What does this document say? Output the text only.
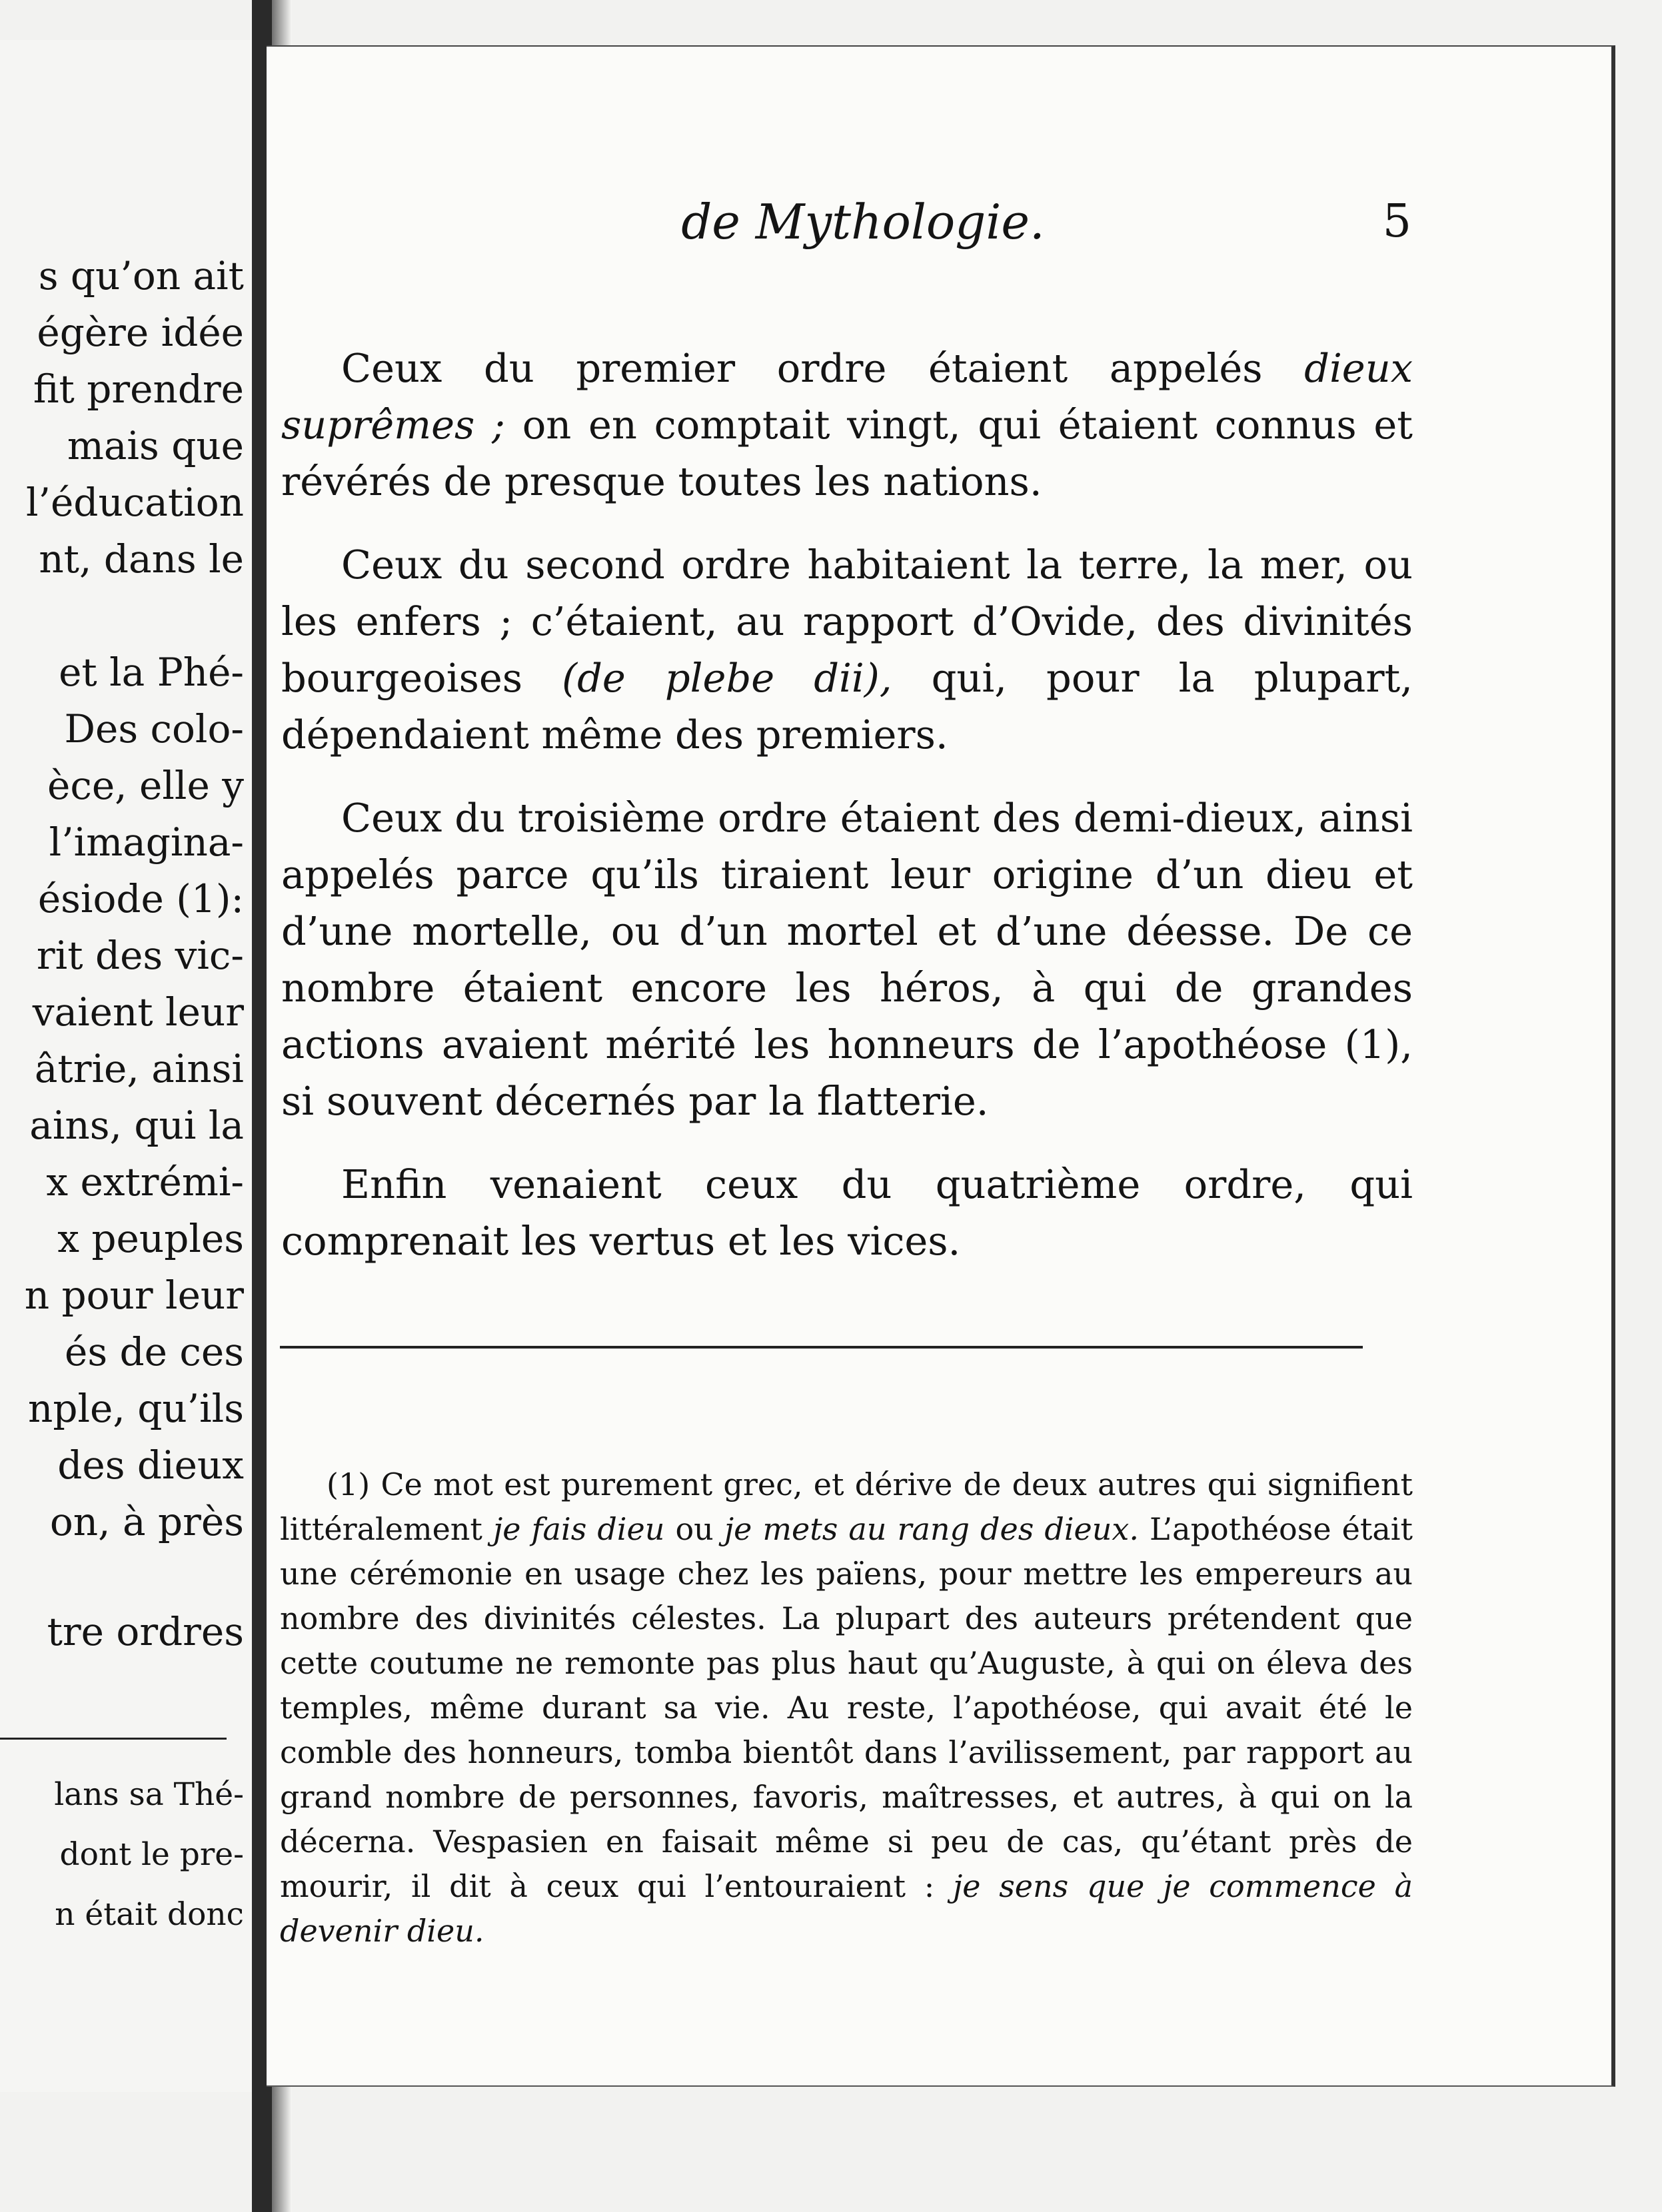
s qu’on ait
égère idée
fit prendre
mais que
l’éducation
nt, dans le
et la Phé-
Des colo-
èce, elle y
l’imagina-
ésiode (1):
rit des vic-
vaient leur
âtrie, ainsi
ains, qui la
x extrémi-
x peuples
n pour leur
és de ces
nple, qu’ils
des dieux
on, à près
tre ordres
lans sa Thé-
dont le pre-
n était donc
de Mythologie.	5

Ceux du premier ordre étaient appelés dieux suprêmes ; on en comptait vingt, qui étaient connus et révérés de presque toutes les nations.

Ceux du second ordre habitaient la terre, la mer, ou les enfers ; c’étaient, au rapport d’Ovide, des divinités bourgeoises (de plebe dii), qui, pour la plupart, dépendaient même des premiers.

Ceux du troisième ordre étaient des demi-dieux, ainsi appelés parce qu’ils tiraient leur origine d’un dieu et d’une mortelle, ou d’un mortel et d’une déesse. De ce nombre étaient encore les héros, à qui de grandes actions avaient mérité les honneurs de l’apothéose (1), si souvent décernés par la flatterie.

Enfin venaient ceux du quatrième ordre, qui comprenait les vertus et les vices.

(1) Ce mot est purement grec, et dérive de deux autres qui signifient littéralement je fais dieu ou je mets au rang des dieux. L’apothéose était une cérémonie en usage chez les païens, pour mettre les empereurs au nombre des divinités célestes. La plupart des auteurs prétendent que cette coutume ne remonte pas plus haut qu’Auguste, à qui on éleva des temples, même durant sa vie. Au reste, l’apothéose, qui avait été le comble des honneurs, tomba bientôt dans l’avilissement, par rapport au grand nombre de personnes, favoris, maîtresses, et autres, à qui on la décerna. Vespasien en faisait même si peu de cas, qu’étant près de mourir, il dit à ceux qui l’entouraient : je sens que je commence à devenir dieu.
